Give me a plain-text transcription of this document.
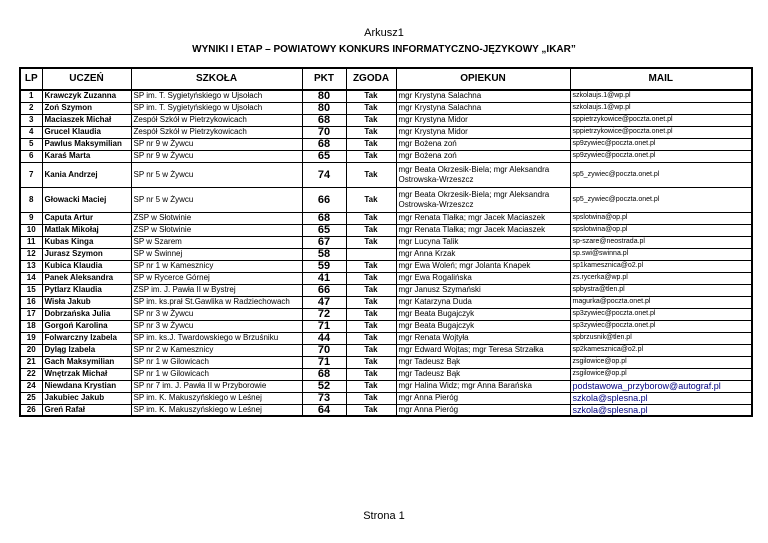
Arkusz1
WYNIKI I ETAP – POWIATOWY KONKURS INFORMATYCZNO-JĘZYKOWY „IKAR”
LP	UCZEŃ	SZKOŁA	PKT	ZGODA	OPIEKUN	MAIL
1	Krawczyk Zuzanna	SP im. T. Sygietyńskiego w Ujsołach	80	Tak	mgr Krystyna Salachna	szkolaujs.1@wp.pl
2	Zoń Szymon	SP im. T. Sygietyńskiego w Ujsołach	80	Tak	mgr Krystyna Salachna	szkolaujs.1@wp.pl
3	Maciaszek Michał	Zespół Szkół w Pietrzykowicach	68	Tak	mgr Krystyna Midor	sppietrzykowice@poczta.onet.pl
4	Grucel Klaudia	Zespół Szkół w Pietrzykowicach	70	Tak	mgr Krystyna Midor	sppietrzykowice@poczta.onet.pl
5	Pawlus Maksymilian	SP nr 9 w Żywcu	68	Tak	mgr Bożena zoń	sp9zywiec@poczta.onet.pl
6	Karaś Marta	SP nr 9 w Żywcu	65	Tak	mgr Bożena zoń	sp9zywiec@poczta.onet.pl
7	Kania Andrzej	SP nr 5 w Żywcu	74	Tak	mgr Beata Okrzesik-Biela; mgr Aleksandra Ostrowska-Wrzeszcz	sp5_zywiec@poczta.onet.pl
8	Głowacki Maciej	SP nr 5 w Żywcu	66	Tak	mgr Beata Okrzesik-Biela; mgr Aleksandra Ostrowska-Wrzeszcz	sp5_zywiec@poczta.onet.pl
9	Caputa Artur	ZSP w Słotwinie	68	Tak	mgr Renata Tlałka; mgr Jacek Maciaszek	spslotwina@op.pl
10	Matlak Mikołaj	ZSP w Słotwinie	65	Tak	mgr Renata Tlałka; mgr Jacek Maciaszek	spslotwina@op.pl
11	Kubas Kinga	SP w Szarem	67	Tak	mgr Lucyna Talik	sp-szare@neostrada.pl
12	Jurasz Szymon	SP w Świnnej	58		mgr Anna Krzak	sp.swi@swinna.pl
13	Kubica Klaudia	SP nr 1 w Kamesznicy	59	Tak	mgr Ewa Woleń; mgr Jolanta Knapek	sp1kamesznica@o2.pl
14	Panek Aleksandra	SP w Rycerce Górnej	41	Tak	mgr Ewa Rogalińska	zs.rycerka@wp.pl
15	Pytlarz Klaudia	ZSP im. J. Pawła II w Bystrej	66	Tak	mgr Janusz Szymański	spbystra@tlen.pl
16	Wisła Jakub	SP im. ks.prał St.Gawlika w Radziechowach	47	Tak	mgr Katarzyna Duda	magurka@poczta.onet.pl
17	Dobrzańska Julia	SP nr 3 w Żywcu	72	Tak	mgr Beata Bugajczyk	sp3zywiec@poczta.onet.pl
18	Gorgoń Karolina	SP nr 3 w Żywcu	71	Tak	mgr Beata Bugajczyk	sp3zywiec@poczta.onet.pl
19	Folwarczny Izabela	SP im. ks.J. Twardowskiego w Brzuśniku	44	Tak	mgr Renata Wojtyła	spbrzusnik@tlen.pl
20	Dyląg Izabela	SP nr 2 w Kamesznicy	70	Tak	mgr Edward Wojtas; mgr Teresa Strzałka	sp2kamesznica@o2.pl
21	Gach Maksymilian	SP nr 1 w Gilowicach	71	Tak	mgr Tadeusz Bąk	zsgilowice@op.pl
22	Wnętrzak Michał	SP nr 1 w Gilowicach	68	Tak	mgr Tadeusz Bąk	zsgilowice@op.pl
24	Niewdana Krystian	SP nr 7 im. J. Pawła II w Przyborowie	52	Tak	mgr Halina Widz; mgr Anna Barańska	podstawowa_przyborow@autograf.pl
25	Jakubiec Jakub	SP im. K. Makuszyńskiego w Leśnej	73	Tak	mgr Anna Pieróg	szkola@splesna.pl
26	Greń Rafał	SP im. K. Makuszyńskiego w Leśnej	64	Tak	mgr Anna Pieróg	szkola@splesna.pl
Strona 1
